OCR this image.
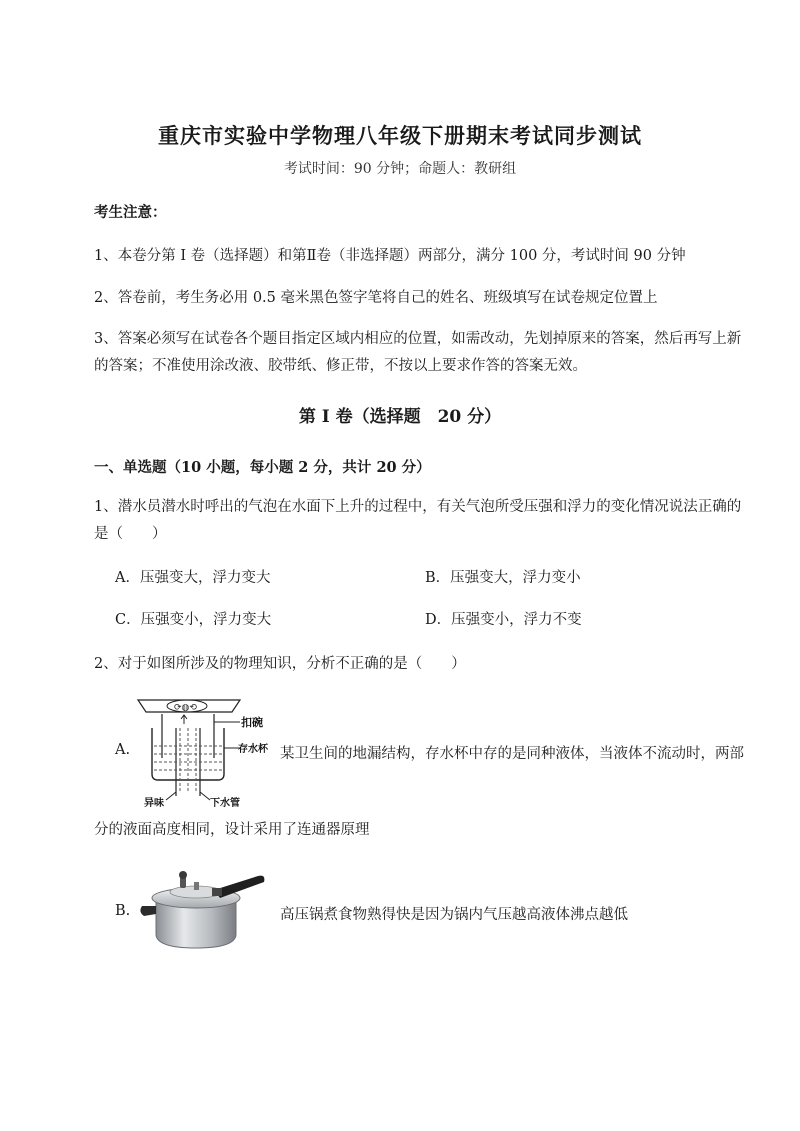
重庆市实验中学物理八年级下册期末考试同步测试
考试时间：90 分钟；命题人：教研组
考生注意：
1、本卷分第 I 卷（选择题）和第Ⅱ卷（非选择题）两部分，满分 100 分，考试时间 90 分钟
2、答卷前，考生务必用 0.5 毫米黑色签字笔将自己的姓名、班级填写在试卷规定位置上
3、答案必须写在试卷各个题目指定区域内相应的位置，如需改动，先划掉原来的答案，然后再写上新的答案；不准使用涂改液、胶带纸、修正带，不按以上要求作答的答案无效。
第 I 卷（选择题　20 分）
一、单选题（10 小题，每小题 2 分，共计 20 分）
1、潜水员潜水时呼出的气泡在水面下上升的过程中，有关气泡所受压强和浮力的变化情况说法正确的是（　　）
A．压强变大，浮力变大	B．压强变大，浮力变小
C．压强变小，浮力变大	D．压强变小，浮力不变
2、对于如图所涉及的物理知识，分析不正确的是（　　）
A.
⟳◍⟲
扣碗
存水杯
异味	下水管
某卫生间的地漏结构，存水杯中存的是同种液体，当液体不流动时，两部
分的液面高度相同，设计采用了连通器原理
B.	高压锅煮食物熟得快是因为锅内气压越高液体沸点越低
